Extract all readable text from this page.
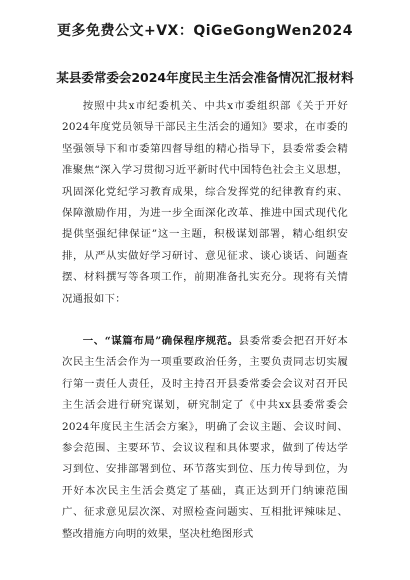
更多免费公文+VX：QiGeGongWen2024
某县委常委会2024年度民主生活会准备情况汇报材料

按照中共x市纪委机关、中共x市委组织部《关于开好2024年度党员领导干部民主生活会的通知》要求，在市委的坚强领导下和市委第四督导组的精心指导下，县委常委会精准聚焦“深入学习贯彻习近平新时代中国特色社会主义思想，巩固深化党纪学习教育成果，综合发挥党的纪律教育约束、保障激励作用，为进一步全面深化改革、推进中国式现代化提供坚强纪律保证”这一主题，积极谋划部署，精心组织安排，从严从实做好学习研讨、意见征求、谈心谈话、问题查摆、材料撰写等各项工作，前期准备扎实充分。现将有关情况通报如下：

一、“谋篇布局”确保程序规范。县委常委会把召开好本次民主生活会作为一项重要政治任务，主要负责同志切实履行第一责任人责任，及时主持召开县委常委会会议对召开民主生活会进行研究谋划，研究制定了《中共xx县委常委会2024年度民主生活会方案》，明确了会议主题、会议时间、参会范围、主要环节、会议议程和具体要求，做到了传达学习到位、安排部署到位、环节落实到位、压力传导到位，为开好本次民主生活会奠定了基础，真正达到开门纳谏范围广、征求意见层次深、对照检查问题实、互相批评辣味足、整改措施方向明的效果，坚决杜绝图形式
